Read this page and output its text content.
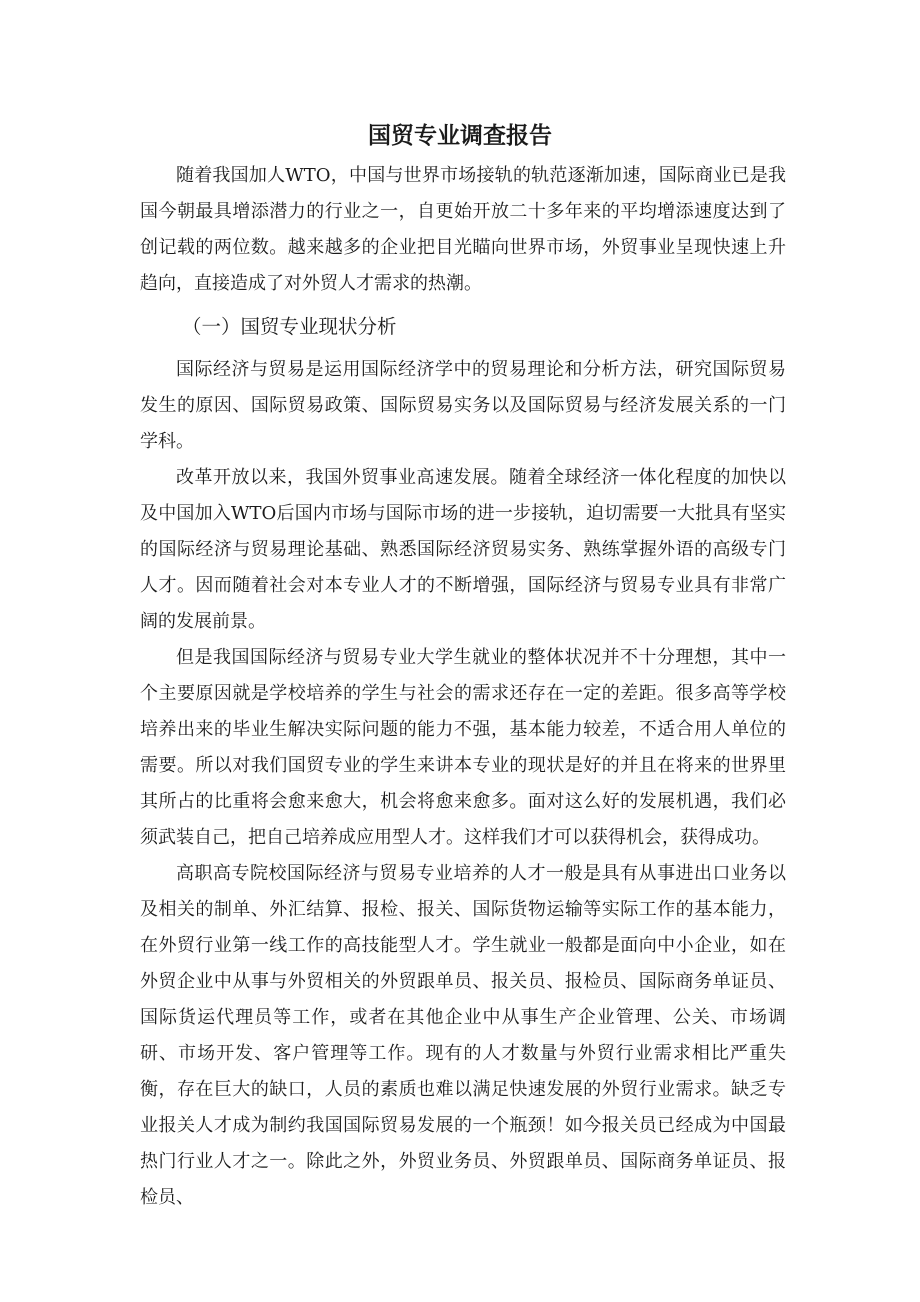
国贸专业调查报告

随着我国加人WTO，中国与世界市场接轨的轨范逐渐加速，国际商业已是我国今朝最具增添潜力的行业之一，自更始开放二十多年来的平均增添速度达到了创记载的两位数。越来越多的企业把目光瞄向世界市场，外贸事业呈现快速上升趋向，直接造成了对外贸人才需求的热潮。

（一）国贸专业现状分析

国际经济与贸易是运用国际经济学中的贸易理论和分析方法，研究国际贸易发生的原因、国际贸易政策、国际贸易实务以及国际贸易与经济发展关系的一门学科。

改革开放以来，我国外贸事业高速发展。随着全球经济一体化程度的加快以及中国加入WTO后国内市场与国际市场的进一步接轨，迫切需要一大批具有坚实的国际经济与贸易理论基础、熟悉国际经济贸易实务、熟练掌握外语的高级专门人才。因而随着社会对本专业人才的不断增强，国际经济与贸易专业具有非常广阔的发展前景。

但是我国国际经济与贸易专业大学生就业的整体状况并不十分理想，其中一个主要原因就是学校培养的学生与社会的需求还存在一定的差距。很多高等学校培养出来的毕业生解决实际问题的能力不强，基本能力较差，不适合用人单位的需要。所以对我们国贸专业的学生来讲本专业的现状是好的并且在将来的世界里其所占的比重将会愈来愈大，机会将愈来愈多。面对这么好的发展机遇，我们必须武装自己，把自己培养成应用型人才。这样我们才可以获得机会，获得成功。

高职高专院校国际经济与贸易专业培养的人才一般是具有从事进出口业务以及相关的制单、外汇结算、报检、报关、国际货物运输等实际工作的基本能力，在外贸行业第一线工作的高技能型人才。学生就业一般都是面向中小企业，如在外贸企业中从事与外贸相关的外贸跟单员、报关员、报检员、国际商务单证员、国际货运代理员等工作，或者在其他企业中从事生产企业管理、公关、市场调研、市场开发、客户管理等工作。现有的人才数量与外贸行业需求相比严重失衡，存在巨大的缺口，人员的素质也难以满足快速发展的外贸行业需求。缺乏专业报关人才成为制约我国国际贸易发展的一个瓶颈！如今报关员已经成为中国最热门行业人才之一。除此之外，外贸业务员、外贸跟单员、国际商务单证员、报检员、
